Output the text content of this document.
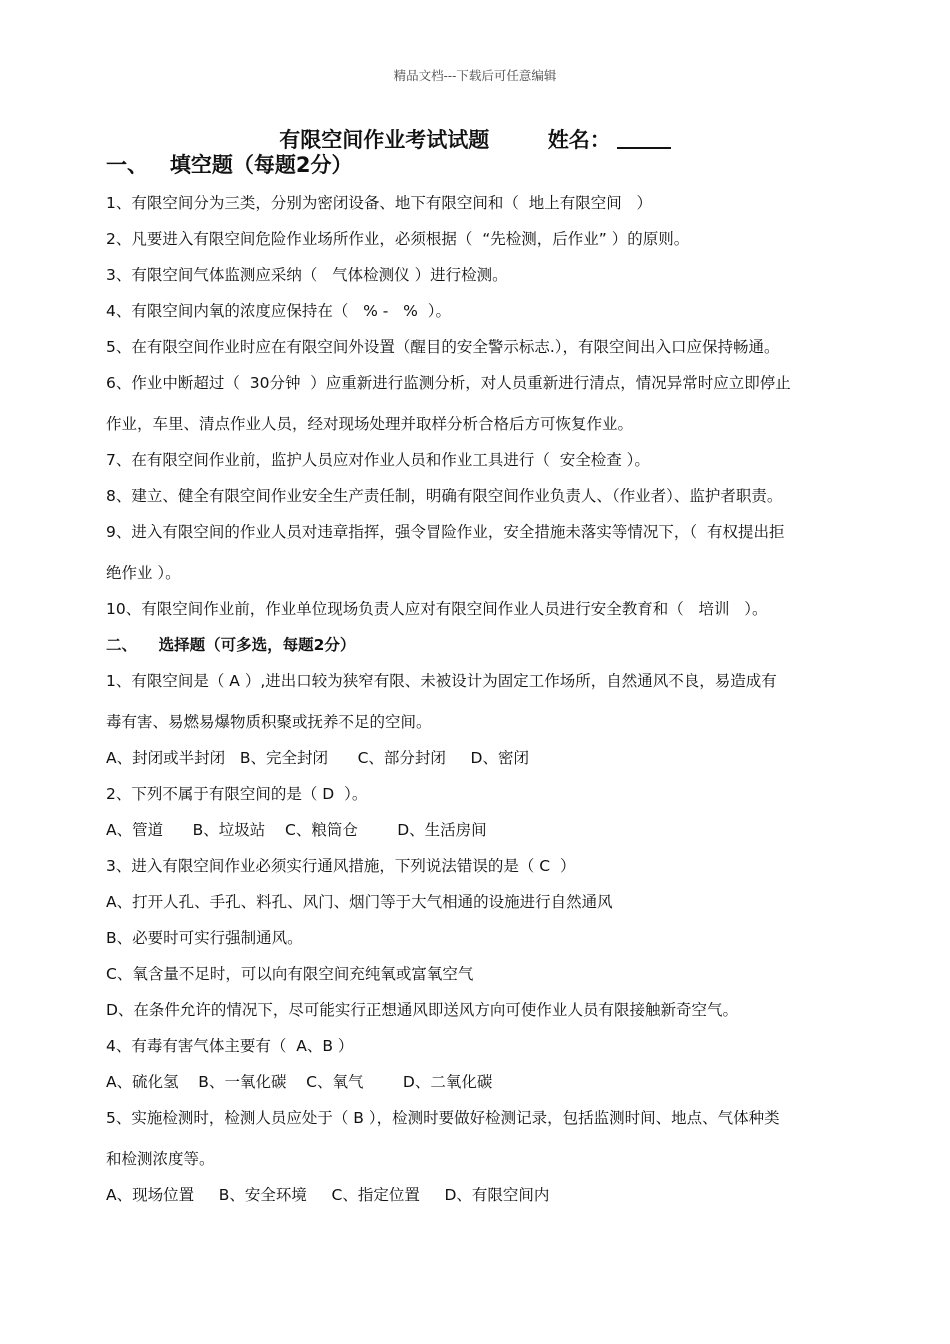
精品文档---下载后可任意编辑
有限空间作业考试试题        姓名：
一、   填空题（每题2分）
1、有限空间分为三类，分别为密闭设备、地下有限空间和（  地上有限空间   ）
2、凡要进入有限空间危险作业场所作业，必须根据（  “先检测，后作业” ）的原则。
3、有限空间气体监测应采纳（   气体检测仪 ）进行检测。
4、有限空间内氧的浓度应保持在（   % -   %  ）。
5、在有限空间作业时应在有限空间外设置（醒目的安全警示标志.），有限空间出入口应保持畅通。
6、作业中断超过（  30分钟  ）应重新进行监测分析，对人员重新进行清点，情况异常时应立即停止
作业，车里、清点作业人员，经对现场处理并取样分析合格后方可恢复作业。
7、在有限空间作业前，监护人员应对作业人员和作业工具进行（  安全检查 ）。
8、建立、健全有限空间作业安全生产责任制，明确有限空间作业负责人、（作业者）、监护者职责。
9、进入有限空间的作业人员对违章指挥，强令冒险作业，安全措施未落实等情况下，（  有权提出拒
绝作业 ）。
10、有限空间作业前，作业单位现场负责人应对有限空间作业人员进行安全教育和（   培训   ）。
二、    选择题（可多选，每题2分）
1、有限空间是（ A ）,进出口较为狭窄有限、未被设计为固定工作场所，自然通风不良，易造成有
毒有害、易燃易爆物质积聚或抚养不足的空间。
A、封闭或半封闭   B、完全封闭      C、部分封闭     D、密闭
2、下列不属于有限空间的是（ D  ）。
A、管道      B、垃圾站    C、粮筒仓        D、生活房间
3、进入有限空间作业必须实行通风措施，下列说法错误的是（ C  ）
A、打开人孔、手孔、料孔、风门、烟门等于大气相通的设施进行自然通风
B、必要时可实行强制通风。
C、氧含量不足时，可以向有限空间充纯氧或富氧空气
D、在条件允许的情况下，尽可能实行正想通风即送风方向可使作业人员有限接触新奇空气。
4、有毒有害气体主要有（  A、B ）
A、硫化氢    B、一氧化碳    C、氧气        D、二氧化碳
5、实施检测时，检测人员应处于（ B ），检测时要做好检测记录，包括监测时间、地点、气体种类
和检测浓度等。
A、现场位置     B、安全环境     C、指定位置     D、有限空间内
